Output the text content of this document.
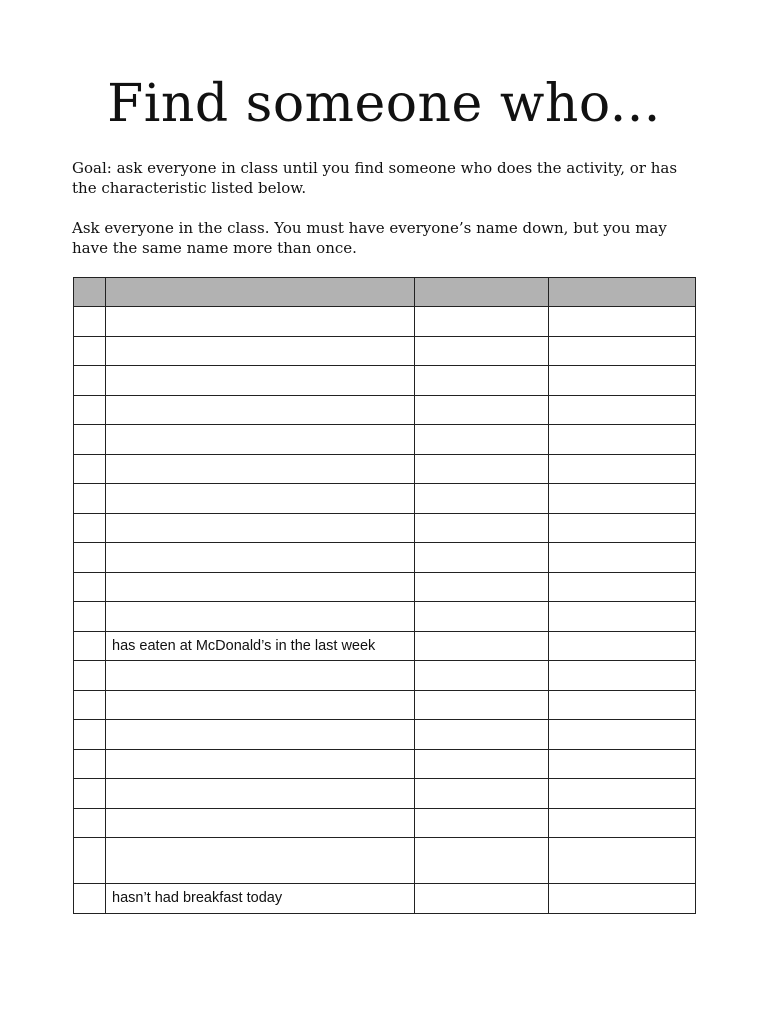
Find someone who...
Goal: ask everyone in class until you find someone who does the activity, or has
the characteristic listed below.
Ask everyone in the class. You must have everyone’s name down, but you may
have the same name more than once.

	has eaten at McDonald’s in the last week		

	hasn’t had breakfast today		
